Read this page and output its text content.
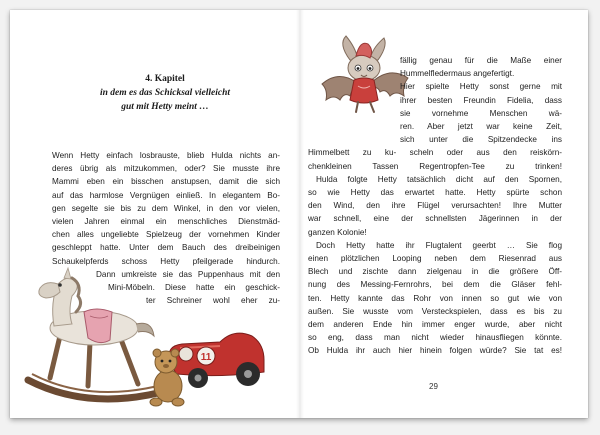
4. Kapitel
in dem es das Schicksal vielleicht
gut mit Hetty meint …
Wenn Hetty einfach losbrauste, blieb Hulda nichts an-
deres übrig als mitzukommen, oder? Sie musste ihre
Mammi eben ein bisschen anstupsen, damit die sich
auf das harmlose Vergnügen einließ. In elegantem Bo-
gen segelte sie bis zu dem Winkel, in den vor vielen,
vielen Jahren einmal ein menschliches Dienstmäd-
chen alles ungeliebte Spielzeug der vornehmen Kinder
geschleppt hatte. Unter dem Bauch des dreibeinigen
Schaukelpferds schoss Hetty pfeilgerade hindurch.
Dann umkreiste sie das Puppenhaus mit den
Mini-Möbeln. Diese hatte ein geschick-
ter Schreiner wohl eher zu-
11
fällig genau für die Maße einer
Hummelfledermaus angefertigt.
Hier spielte Hetty sonst gerne mit
ihrer besten Freundin Fidelia, dass
sie vornehme Menschen wä-
ren. Aber jetzt war keine Zeit,
sich unter die Spitzendecke ins
Himmelbett zu ku- scheln oder aus den reiskörn-
chenkleinen Tassen Regentropfen-Tee zu trinken!
Hulda folgte Hetty tatsächlich dicht auf den Spornen,
so wie Hetty das erwartet hatte. Hetty spürte schon
den Wind, den ihre Flügel verursachten! Ihre Mutter
war schnell, eine der schnellsten Jägerinnen in der
ganzen Kolonie!
Doch Hetty hatte ihr Flugtalent geerbt … Sie flog
einen plötzlichen Looping neben dem Riesenrad aus
Blech und zischte dann zielgenau in die größere Öff-
nung des Messing-Fernrohrs, bei dem die Gläser fehl-
ten. Hetty kannte das Rohr von innen so gut wie von
außen. Sie wusste vom Versteckspielen, dass es bis zu
dem anderen Ende hin immer enger wurde, aber nicht
so eng, dass man nicht wieder hinausfliegen könnte.
Ob Hulda ihr auch hier hinein folgen würde? Sie tat es!
29
